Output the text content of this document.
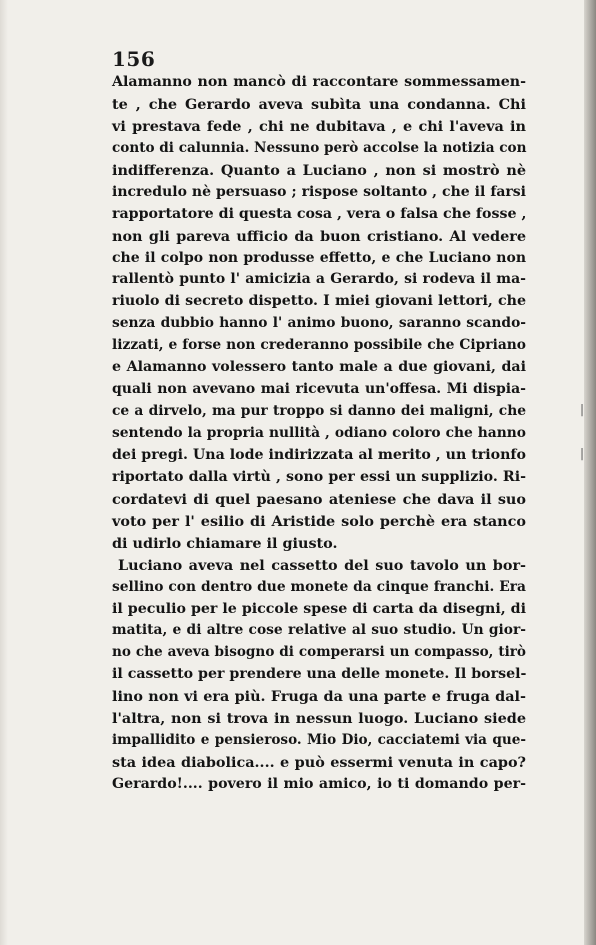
156
Alamanno non mancò di raccontare sommessamen-
te , che Gerardo aveva subìta una condanna. Chi
vi prestava fede , chi ne dubitava , e chi l'aveva in
conto di calunnia. Nessuno però accolse la notizia con
indifferenza. Quanto a Luciano , non si mostrò nè
incredulo nè persuaso ; rispose soltanto , che il farsi
rapportatore di questa cosa , vera o falsa che fosse ,
non gli pareva ufficio da buon cristiano. Al vedere
che il colpo non produsse effetto, e che Luciano non
rallentò punto l' amicizia a Gerardo, si rodeva il ma-
riuolo di secreto dispetto. I miei giovani lettori, che
senza dubbio hanno l' animo buono, saranno scando-
lizzati, e forse non crederanno possibile che Cipriano
e Alamanno volessero tanto male a due giovani, dai
quali non avevano mai ricevuta un'offesa. Mi dispia-
ce a dirvelo, ma pur troppo si danno dei maligni, che
sentendo la propria nullità , odiano coloro che hanno
dei pregi. Una lode indirizzata al merito , un trionfo
riportato dalla virtù , sono per essi un supplizio. Ri-
cordatevi di quel paesano ateniese che dava il suo
voto per l' esilio di Aristide solo perchè era stanco
di udirlo chiamare il giusto.
Luciano aveva nel cassetto del suo tavolo un bor-
sellino con dentro due monete da cinque franchi. Era
il peculio per le piccole spese di carta da disegni, di
matita, e di altre cose relative al suo studio. Un gior-
no che aveva bisogno di comperarsi un compasso, tirò
il cassetto per prendere una delle monete. Il borsel-
lino non vi era più. Fruga da una parte e fruga dal-
l'altra, non si trova in nessun luogo. Luciano siede
impallidito e pensieroso. Mio Dio, cacciatemi via que-
sta idea diabolica.... e può essermi venuta in capo?
Gerardo!.... povero il mio amico, io ti domando per-
|
|
